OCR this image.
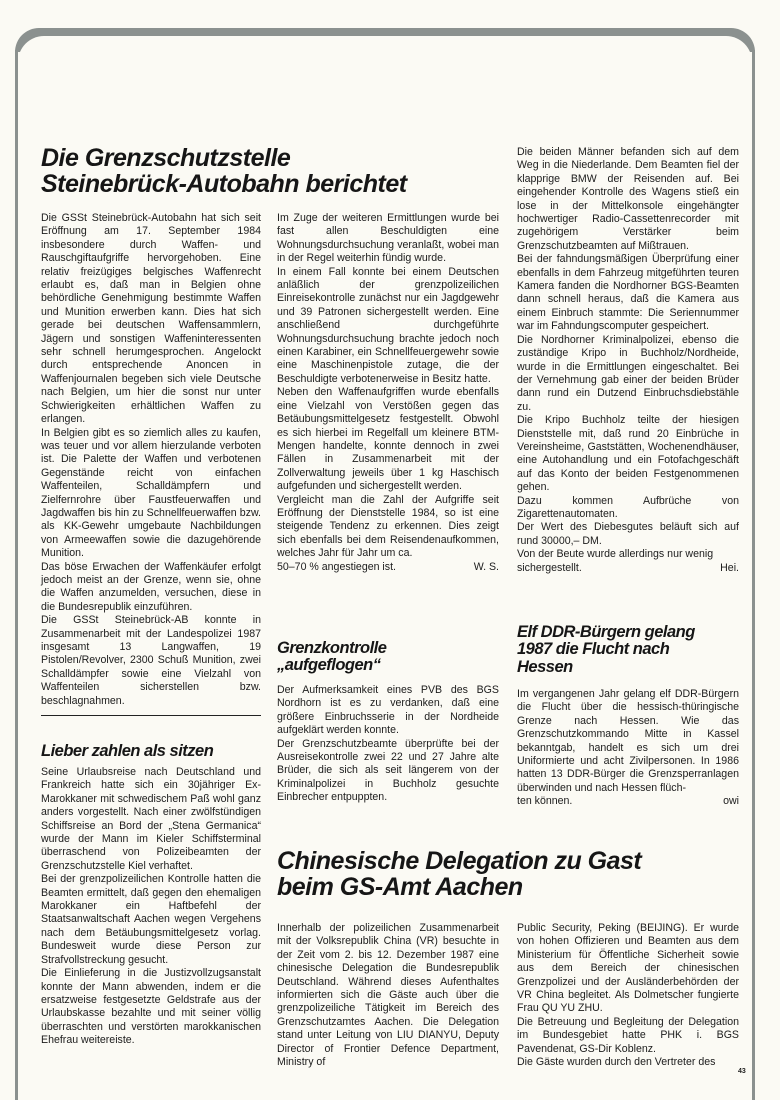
Die Grenzschutzstelle
Steinebrück-Autobahn berichtet

Die GSSt Steinebrück-Autobahn hat sich seit Eröffnung am 17. September 1984 insbesondere durch Waffen- und Rauschgiftaufgriffe hervorgehoben. Eine relativ freizügiges belgisches Waffenrecht erlaubt es, daß man in Belgien ohne behördliche Genehmigung bestimmte Waffen und Munition erwerben kann. Dies hat sich gerade bei deutschen Waffensammlern, Jägern und sonstigen Waffeninteressenten sehr schnell herumgesprochen. Angelockt durch entsprechende Anoncen in Waffenjournalen begeben sich viele Deutsche nach Belgien, um hier die sonst nur unter Schwierigkeiten erhältlichen Waffen zu erlangen.

In Belgien gibt es so ziemlich alles zu kaufen, was teuer und vor allem hierzulande verboten ist. Die Palette der Waffen und verbotenen Gegenstände reicht von einfachen Waffenteilen, Schalldämpfern und Zielfernrohre über Faustfeuerwaffen und Jagdwaffen bis hin zu Schnellfeuerwaffen bzw. als KK-Gewehr umgebaute Nachbildungen von Armeewaffen sowie die dazugehörende Munition.

Das böse Erwachen der Waffenkäufer erfolgt jedoch meist an der Grenze, wenn sie, ohne die Waffen anzumelden, versuchen, diese in die Bundesrepublik einzuführen.

Die GSSt Steinebrück-AB konnte in Zusammenarbeit mit der Landespolizei 1987 insgesamt 13 Langwaffen, 19 Pistolen/Revolver, 2300 Schuß Munition, zwei Schalldämpfer sowie eine Vielzahl von Waffenteilen sicherstellen bzw. beschlagnahmen.

Lieber zahlen als sitzen

Seine Urlaubsreise nach Deutschland und Frankreich hatte sich ein 30jähriger Ex-Marokkaner mit schwedischem Paß wohl ganz anders vorgestellt. Nach einer zwölfstündigen Schiffsreise an Bord der „Stena Germanica“ wurde der Mann im Kieler Schiffsterminal überraschend von Polizeibeamten der Grenzschutzstelle Kiel verhaftet.

Bei der grenzpolizeilichen Kontrolle hatten die Beamten ermittelt, daß gegen den ehemaligen Marokkaner ein Haftbefehl der Staatsanwaltschaft Aachen wegen Vergehens nach dem Betäubungsmittelgesetz vorlag. Bundesweit wurde diese Person zur Strafvollstreckung gesucht.

Die Einlieferung in die Justizvollzugsanstalt konnte der Mann abwenden, indem er die ersatzweise festgesetzte Geldstrafe aus der Urlaubskasse bezahlte und mit seiner völlig überraschten und verstörten marokkanischen Ehefrau weitereiste.

Im Zuge der weiteren Ermittlungen wurde bei fast allen Beschuldigten eine Wohnungsdurchsuchung veranlaßt, wobei man in der Regel weiterhin fündig wurde.

In einem Fall konnte bei einem Deutschen anläßlich der grenzpolizeilichen Einreisekontrolle zunächst nur ein Jagdgewehr und 39 Patronen sichergestellt werden. Eine anschließend durchgeführte Wohnungsdurchsuchung brachte jedoch noch einen Karabiner, ein Schnellfeuergewehr sowie eine Maschinenpistole zutage, die der Beschuldigte verbotenerweise in Besitz hatte.

Neben den Waffenaufgriffen wurde ebenfalls eine Vielzahl von Verstößen gegen das Betäubungsmittelgesetz festgestellt. Obwohl es sich hierbei im Regelfall um kleinere BTM-Mengen handelte, konnte dennoch in zwei Fällen in Zusammenarbeit mit der Zollverwaltung jeweils über 1 kg Haschisch aufgefunden und sichergestellt werden.

Vergleicht man die Zahl der Aufgriffe seit Eröffnung der Dienststelle 1984, so ist eine steigende Tendenz zu erkennen. Dies zeigt sich ebenfalls bei dem Reisendenaufkommen, welches Jahr für Jahr um ca.

50–70 % angestiegen ist.	W. S.
Grenzkontrolle
„aufgeflogen“

Der Aufmerksamkeit eines PVB des BGS Nordhorn ist es zu verdanken, daß eine größere Einbruchsserie in der Nordheide aufgeklärt werden konnte.

Der Grenzschutzbeamte überprüfte bei der Ausreisekontrolle zwei 22 und 27 Jahre alte Brüder, die sich als seit längerem von der Kriminalpolizei in Buchholz gesuchte Einbrecher entpuppten.

Die beiden Männer befanden sich auf dem Weg in die Niederlande. Dem Beamten fiel der klapprige BMW der Reisenden auf. Bei eingehender Kontrolle des Wagens stieß ein lose in der Mittelkonsole eingehängter hochwertiger Radio-Cassettenrecorder mit zugehörigem Verstärker beim Grenzschutzbeamten auf Mißtrauen.

Bei der fahndungsmäßigen Überprüfung einer ebenfalls in dem Fahrzeug mitgeführten teuren Kamera fanden die Nordhorner BGS-Beamten dann schnell heraus, daß die Kamera aus einem Einbruch stammte: Die Seriennummer war im Fahndungscomputer gespeichert.

Die Nordhorner Kriminalpolizei, ebenso die zuständige Kripo in Buchholz/Nordheide, wurde in die Ermittlungen eingeschaltet. Bei der Vernehmung gab einer der beiden Brüder dann rund ein Dutzend Einbruchsdiebstähle zu.

Die Kripo Buchholz teilte der hiesigen Dienststelle mit, daß rund 20 Einbrüche in Vereinsheime, Gaststätten, Wochenendhäuser, eine Autohandlung und ein Fotofachgeschäft auf das Konto der beiden Festgenommenen gehen.

Dazu kommen Aufbrüche von Zigarettenautomaten.

Der Wert des Diebesgutes beläuft sich auf rund 30000,– DM.

Von der Beute wurde allerdings nur wenig

sichergestellt.	Hei.
Elf DDR-Bürgern gelang
1987 die Flucht nach
Hessen

Im vergangenen Jahr gelang elf DDR-Bürgern die Flucht über die hessisch-thüringische Grenze nach Hessen. Wie das Grenzschutzkommando Mitte in Kassel bekanntgab, handelt es sich um drei Uniformierte und acht Zivilpersonen. In 1986 hatten 13 DDR-Bürger die Grenzsperranlagen überwinden und nach Hessen flüch-

ten können.	owi
Chinesische Delegation zu Gast
beim GS-Amt Aachen

Innerhalb der polizeilichen Zusammenarbeit mit der Volksrepublik China (VR) besuchte in der Zeit vom 2. bis 12. Dezember 1987 eine chinesische Delegation die Bundesrepublik Deutschland. Während dieses Aufenthaltes informierten sich die Gäste auch über die grenzpolizeiliche Tätigkeit im Bereich des Grenzschutzamtes Aachen. Die Delegation stand unter Leitung von LIU DIANYU, Deputy Director of Frontier Defence Department, Ministry of

Public Security, Peking (BEIJING). Er wurde von hohen Offizieren und Beamten aus dem Ministerium für Öffentliche Sicherheit sowie aus dem Bereich der chinesischen Grenzpolizei und der Ausländerbehörden der VR China begleitet. Als Dolmetscher fungierte Frau QU YU ZHU.

Die Betreuung und Begleitung der Delegation im Bundesgebiet hatte PHK i. BGS Pavendenat, GS-Dir Koblenz.

Die Gäste wurden durch den Vertreter des

43
